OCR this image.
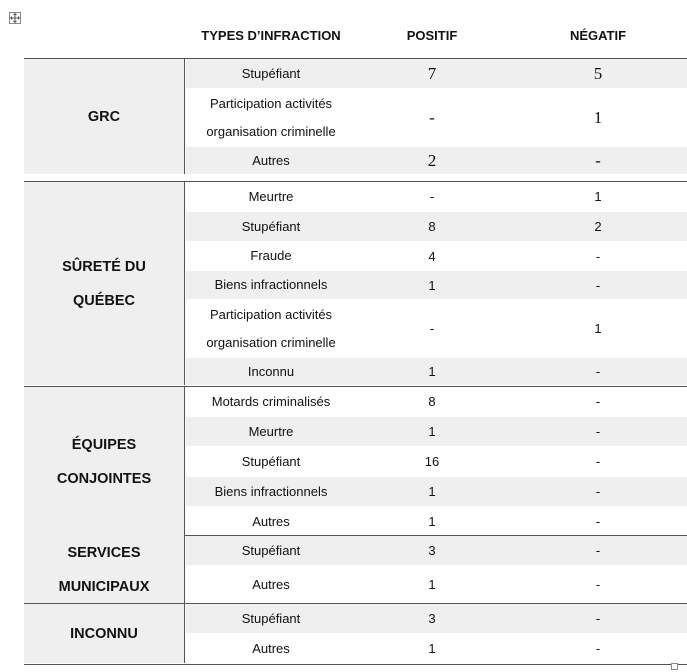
TYPES D’INFRACTION	POSITIF	NÉGATIF
GRC
Stupéfiant	7	5
Participation activités
organisation criminelle
-	1
Autres	2	-
SÛRETÉ DU
QUÉBEC
Meurtre	-	1
Stupéfiant	8	2
Fraude	4	-
Biens infractionnels	1	-
Participation activités
organisation criminelle
-	1
Inconnu	1	-
ÉQUIPES
CONJOINTES
Motards criminalisés	8	-
Meurtre	1	-
Stupéfiant	16	-
Biens infractionnels	1	-
Autres	1	-
SERVICES
MUNICIPAUX
Stupéfiant	3	-
Autres	1	-
INCONNU
Stupéfiant	3	-
Autres	1	-
